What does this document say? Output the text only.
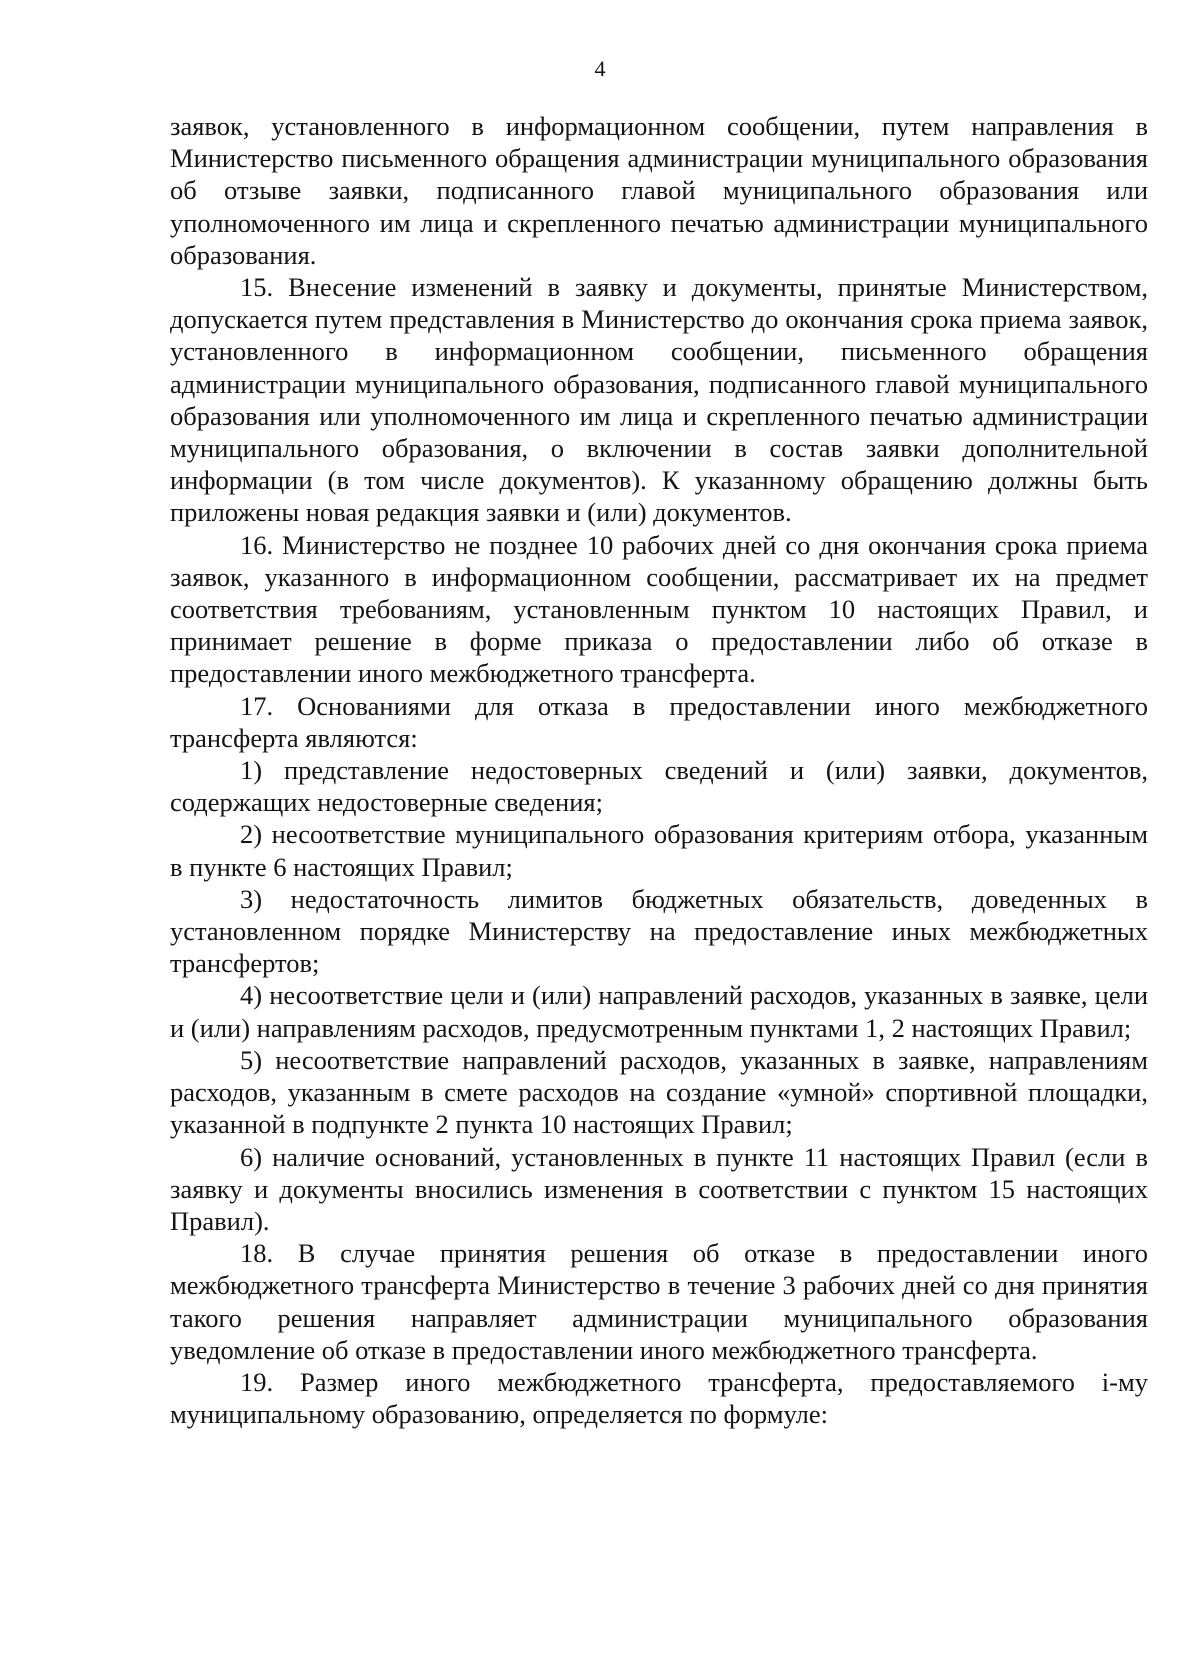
4

заявок, установленного в информационном сообщении, путем направления в Министерство письменного обращения администрации муниципального образования об отзыве заявки, подписанного главой муниципального образования или уполномоченного им лица и скрепленного печатью администрации муниципального образования.

15. Внесение изменений в заявку и документы, принятые Министерством, допускается путем представления в Министерство до окончания срока приема заявок, установленного в информационном сообщении, письменного обращения администрации муниципального образования, подписанного главой муниципального образования или уполномоченного им лица и скрепленного печатью администрации муниципального образования, о включении в состав заявки дополнительной информации (в том числе документов). К указанному обращению должны быть приложены новая редакция заявки и (или) документов.

16. Министерство не позднее 10 рабочих дней со дня окончания срока приема заявок, указанного в информационном сообщении, рассматривает их на предмет соответствия требованиям, установленным пунктом 10 настоящих Правил, и принимает решение в форме приказа о предоставлении либо об отказе в предоставлении иного межбюджетного трансферта.

17. Основаниями для отказа в предоставлении иного межбюджетного трансферта являются:

1) представление недостоверных сведений и (или) заявки, документов, содержащих недостоверные сведения;

2) несоответствие муниципального образования критериям отбора, указанным в пункте 6 настоящих Правил;

3) недостаточность лимитов бюджетных обязательств, доведенных в установленном порядке Министерству на предоставление иных межбюджетных трансфертов;

4) несоответствие цели и (или) направлений расходов, указанных в заявке, цели и (или) направлениям расходов, предусмотренным пунктами 1, 2 настоящих Правил;

5) несоответствие направлений расходов, указанных в заявке, направлениям расходов, указанным в смете расходов на создание «умной» спортивной площадки, указанной в подпункте 2 пункта 10 настоящих Правил;

6) наличие оснований, установленных в пункте 11 настоящих Правил (если в заявку и документы вносились изменения в соответствии с пунктом 15 настоящих Правил).

18. В случае принятия решения об отказе в предоставлении иного межбюджетного трансферта Министерство в течение 3 рабочих дней со дня принятия такого решения направляет администрации муниципального образования уведомление об отказе в предоставлении иного межбюджетного трансферта.

19. Размер иного межбюджетного трансферта, предоставляемого i-му муниципальному образованию, определяется по формуле:
